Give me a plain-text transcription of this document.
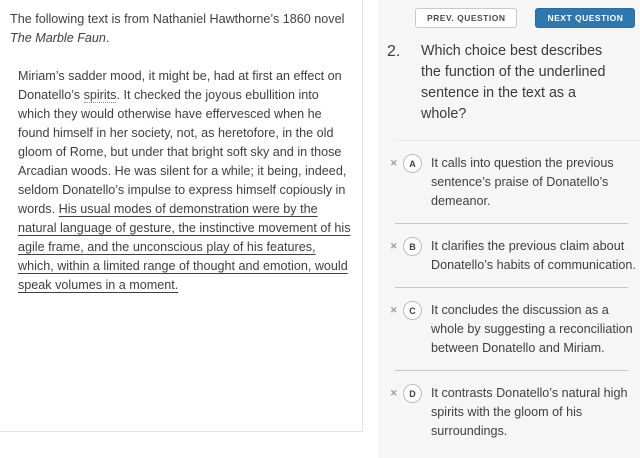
The following text is from Nathaniel Hawthorne’s 1860 novel The Marble Faun.

Miriam’s sadder mood, it might be, had at first an effect on Donatello’s spirits. It checked the joyous ebullition into which they would otherwise have effervesced when he found himself in her society, not, as heretofore, in the old gloom of Rome, but under that bright soft sky and in those Arcadian woods. He was silent for a while; it being, indeed, seldom Donatello’s impulse to express himself copiously in words. His usual modes of demonstration were by the natural language of gesture, the instinctive movement of his agile frame, and the unconscious play of his features, which, within a limited range of thought and emotion, would speak volumes in a moment.

PREV. QUESTION	NEXT QUESTION
2.	Which choice best describes the function of the underlined sentence in the text as a whole?
✕	A	It calls into question the previous sentence’s praise of Donatello’s demeanor.
✕	B	It clarifies the previous claim about Donatello’s habits of communication.
✕	C	It concludes the discussion as a whole by suggesting a reconciliation between Donatello and Miriam.
✕	D	It contrasts Donatello’s natural high spirits with the gloom of his surroundings.
